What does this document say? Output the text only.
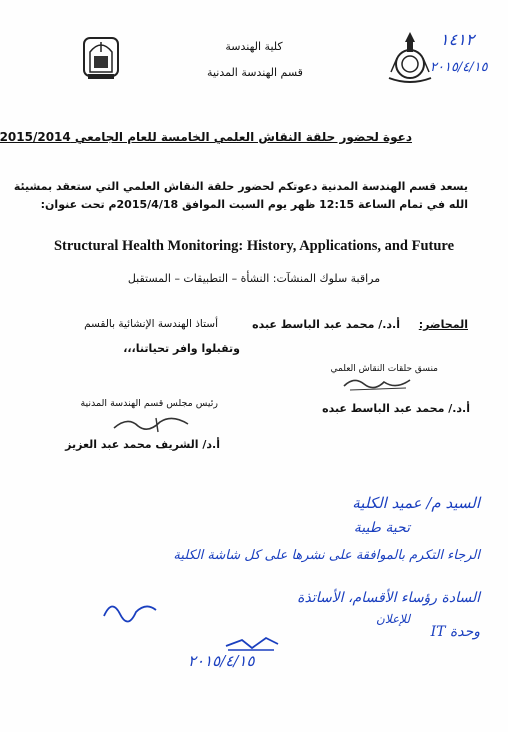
كلية الهندسة
قسم الهندسة المدنية
١٤١٢
٢٠١٥/٤/١٥
دعوة لحضور حلقة النقاش العلمي الخامسة للعام الجامعي 2015/2014
يسعد قسم الهندسة المدنية دعوتكم لحضور حلقة النقاش العلمي التي ستعقد بمشيئة
الله في تمام الساعة 12:15 ظهر يوم السبت الموافق 2015/4/18م تحت عنوان:
Structural Health Monitoring: History, Applications, and Future
مراقبة سلوك المنشآت: النشأة – التطبيقات – المستقبل
المحاضر:
أ.د./ محمد عبد الباسط عبده
أستاذ الهندسة الإنشائية بالقسم
وتقبلوا وافر تحياتنا،،،
منسق حلقات النقاش العلمي
أ.د./ محمد عبد الباسط عبده
رئيس مجلس قسم الهندسة المدنية
أ.د/ الشريف محمد عبد العزيز
السيد م/ عميد الكلية
تحية طيبة
الرجاء التكرم بالموافقة على نشرها على كل شاشة الكلية
السادة رؤساء الأقسام، الأساتذة
للإعلان
وحدة IT
٢٠١٥/٤/١٥
